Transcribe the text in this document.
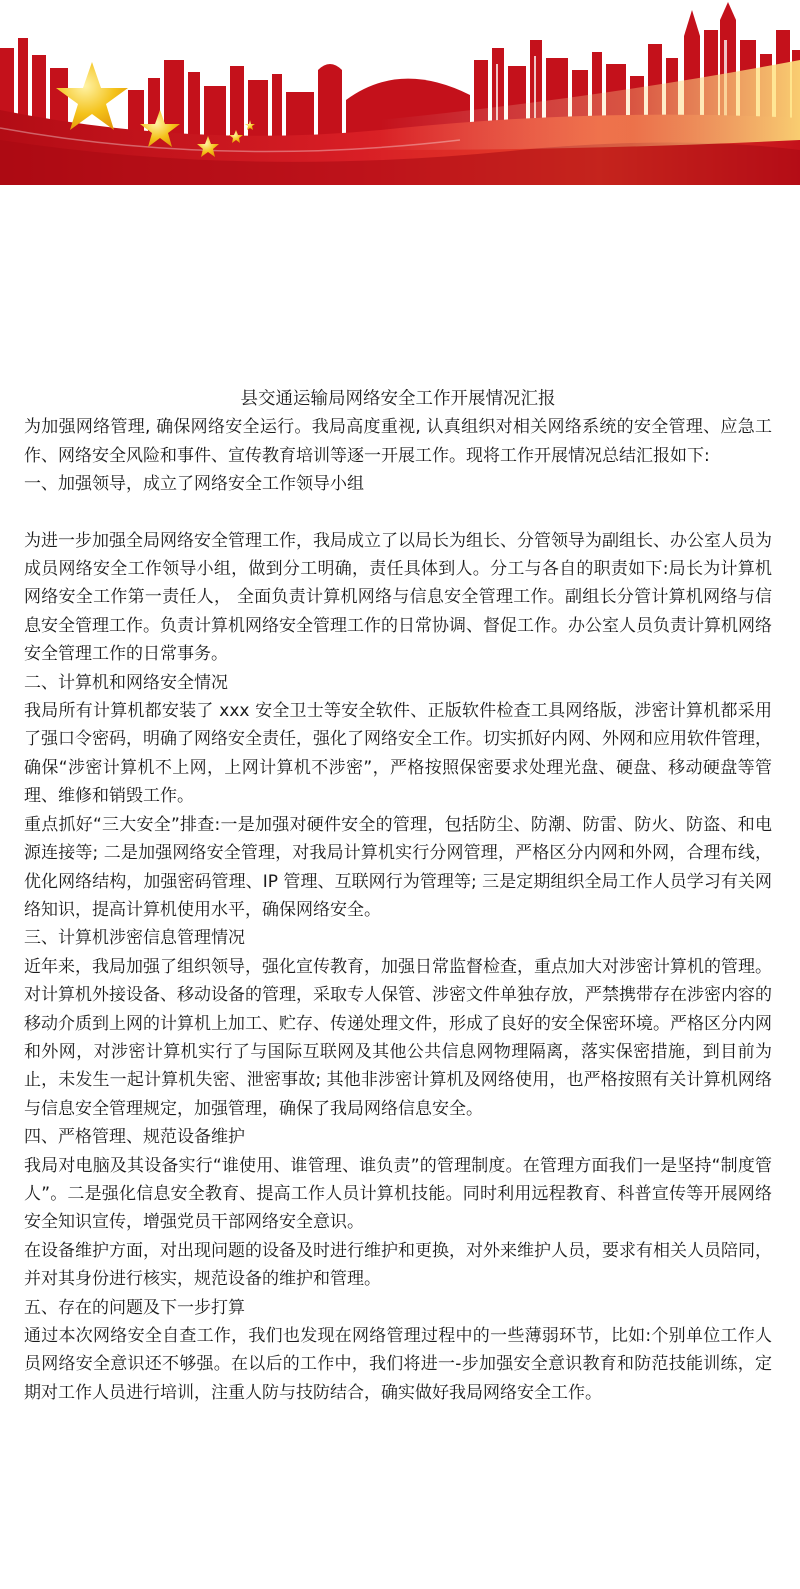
县交通运输局网络安全工作开展情况汇报

为加强网络管理, 确保网络安全运行。我局高度重视, 认真组织对相关网络系统的安全管理、应急工作、网络安全风险和事件、宣传教育培训等逐一开展工作。现将工作开展情况总结汇报如下:

一、加强领导，成立了网络安全工作领导小组

为进一步加强全局网络安全管理工作，我局成立了以局长为组长、分管领导为副组长、办公室人员为成员网络安全工作领导小组，做到分工明确，责任具体到人。分工与各自的职责如下:局长为计算机网络安全工作第一责任人， 全面负责计算机网络与信息安全管理工作。副组长分管计算机网络与信息安全管理工作。负责计算机网络安全管理工作的日常协调、督促工作。办公室人员负责计算机网络安全管理工作的日常事务。

二、计算机和网络安全情况

我局所有计算机都安装了 xxx 安全卫士等安全软件、正版软件检查工具网络版，涉密计算机都采用了强口令密码，明确了网络安全责任，强化了网络安全工作。切实抓好内网、外网和应用软件管理，确保“涉密计算机不上网，上网计算机不涉密”，严格按照保密要求处理光盘、硬盘、移动硬盘等管理、维修和销毁工作。

重点抓好“三大安全”排查:一是加强对硬件安全的管理，包括防尘、防潮、防雷、防火、防盗、和电源连接等; 二是加强网络安全管理，对我局计算机实行分网管理，严格区分内网和外网，合理布线，优化网络结构，加强密码管理、IP 管理、互联网行为管理等; 三是定期组织全局工作人员学习有关网络知识，提高计算机使用水平，确保网络安全。

三、计算机涉密信息管理情况

近年来，我局加强了组织领导，强化宣传教育，加强日常监督检查，重点加大对涉密计算机的管理。对计算机外接设备、移动设备的管理，采取专人保管、涉密文件单独存放，严禁携带存在涉密内容的移动介质到上网的计算机上加工、贮存、传递处理文件，形成了良好的安全保密环境。严格区分内网和外网，对涉密计算机实行了与国际互联网及其他公共信息网物理隔离，落实保密措施，到目前为止，未发生一起计算机失密、泄密事故; 其他非涉密计算机及网络使用，也严格按照有关计算机网络与信息安全管理规定，加强管理，确保了我局网络信息安全。

四、严格管理、规范设备维护

我局对电脑及其设备实行“谁使用、谁管理、谁负责”的管理制度。在管理方面我们一是坚持“制度管人”。二是强化信息安全教育、提高工作人员计算机技能。同时利用远程教育、科普宣传等开展网络安全知识宣传，增强党员干部网络安全意识。

在设备维护方面，对出现问题的设备及时进行维护和更换，对外来维护人员，要求有相关人员陪同，并对其身份进行核实，规范设备的维护和管理。

五、存在的问题及下一步打算

通过本次网络安全自查工作，我们也发现在网络管理过程中的一些薄弱环节，比如:个别单位工作人员网络安全意识还不够强。在以后的工作中，我们将进一-步加强安全意识教育和防范技能训练，定期对工作人员进行培训，注重人防与技防结合，确实做好我局网络安全工作。
